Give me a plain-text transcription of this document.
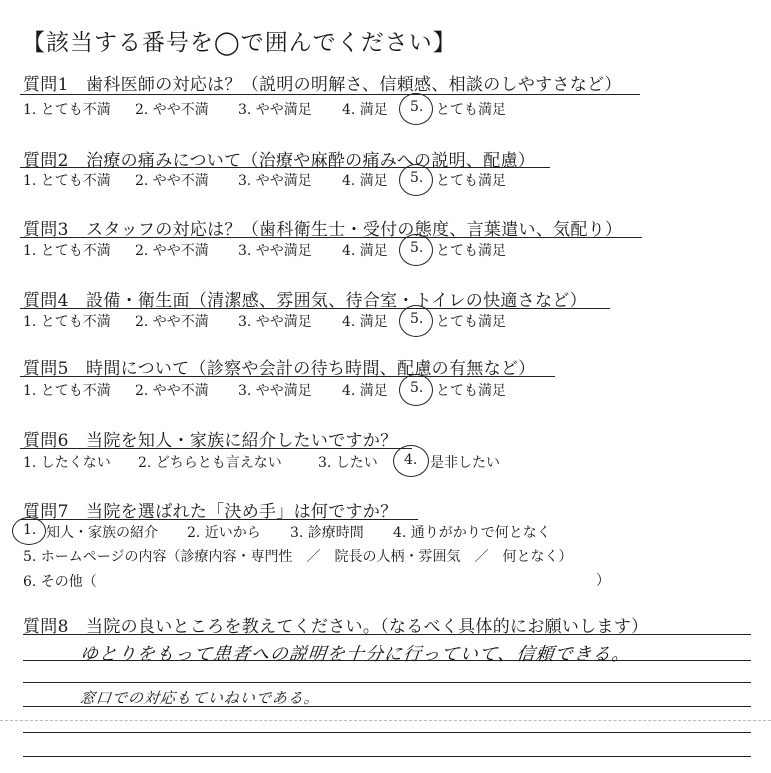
【該当する番号を◯で囲んでください】
質問1　歯科医師の対応は？（説明の明解さ、信頼感、相談のしやすさなど）
1. とても不満 2. やや不満 3. やや満足 4. 満足 5. とても満足
質問2　治療の痛みについて（治療や麻酔の痛みへの説明、配慮）
1. とても不満 2. やや不満 3. やや満足 4. 満足 5. とても満足
質問3　スタッフの対応は？（歯科衛生士・受付の態度、言葉遣い、気配り）
1. とても不満 2. やや不満 3. やや満足 4. 満足 5. とても満足
質問4　設備・衛生面（清潔感、雰囲気、待合室・トイレの快適さなど）
1. とても不満 2. やや不満 3. やや満足 4. 満足 5. とても満足
質問5　時間について（診察や会計の待ち時間、配慮の有無など）
1. とても不満 2. やや不満 3. やや満足 4. 満足 5. とても満足
質問6　当院を知人・家族に紹介したいですか？
1. したくない 2. どちらとも言えない	3. したい 4. 是非したい
質問7　当院を選ばれた「決め手」は何ですか？
1. 知人・家族の紹介 2. 近いから 3. 診療時間 4. 通りがかりで何となく
5. ホームページの内容（診療内容・専門性　／　院長の人柄・雰囲気　／　何となく）
6. その他（	）
質問8　当院の良いところを教えてください。（なるべく具体的にお願いします）
ゆとりをもって患者への説明を十分に行っていて、信頼できる。
窓口での対応もていねいである。
